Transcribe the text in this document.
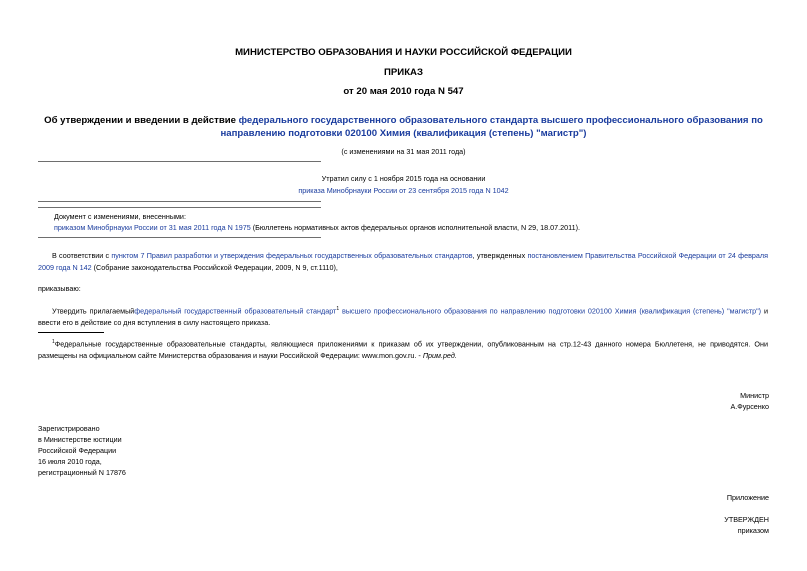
МИНИСТЕРСТВО ОБРАЗОВАНИЯ И НАУКИ РОССИЙСКОЙ ФЕДЕРАЦИИ
ПРИКАЗ
от 20 мая 2010 года N 547
Об утверждении и введении в действие федерального государственного образовательного стандарта высшего профессионального образования по направлению подготовки 020100 Химия (квалификация (степень) "магистр")
(с изменениями на 31 мая 2011 года)
Утратил силу с 1 ноября 2015 года на основании
приказа Минобрнауки России от 23 сентября 2015 года N 1042
Документ с изменениями, внесенными:
приказом Минобрнауки России от 31 мая 2011 года N 1975 (Бюллетень нормативных актов федеральных органов исполнительной власти, N 29, 18.07.2011).
В соответствии с пунктом 7 Правил разработки и утверждения федеральных государственных образовательных стандартов, утвержденных постановлением Правительства Российской Федерации от 24 февраля 2009 года N 142 (Собрание законодательства Российской Федерации, 2009, N 9, ст.1110),
приказываю:
Утвердить прилагаемыйфедеральный государственный образовательный стандарт$^1$ высшего профессионального образования по направлению подготовки 020100 Химия (квалификация (степень) "магистр") и ввести его в действие со дня вступления в силу настоящего приказа.
$^1$Федеральные государственные образовательные стандарты, являющиеся приложениями к приказам об их утверждении, опубликованным на стр.12-43 данного номера Бюллетеня, не приводятся. Они размещены на официальном сайте Министерства образования и науки Российской Федерации: www.mon.gov.ru. - Прим.ред.
Министр
А.Фурсенко
Зарегистрировано
в Министерстве юстиции
Российской Федерации
16 июля 2010 года,
регистрационный N 17876
Приложение
УТВЕРЖДЕН
приказом
